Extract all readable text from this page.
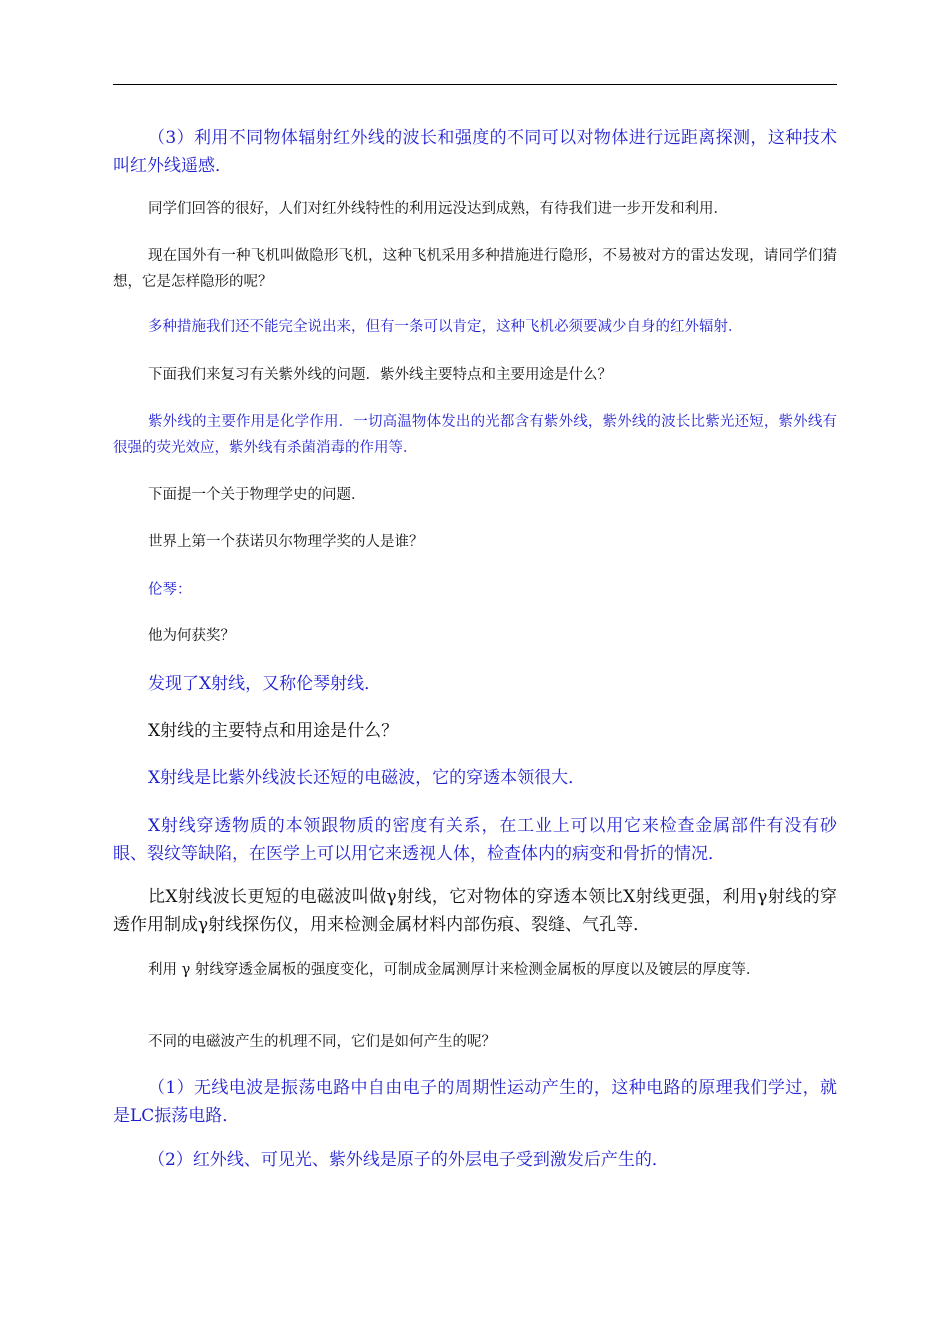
（3）利用不同物体辐射红外线的波长和强度的不同可以对物体进行远距离探测，这种技术叫红外线遥感．

同学们回答的很好，人们对红外线特性的利用远没达到成熟，有待我们进一步开发和利用．

现在国外有一种飞机叫做隐形飞机，这种飞机采用多种措施进行隐形，不易被对方的雷达发现，请同学们猜想，它是怎样隐形的呢？

多种措施我们还不能完全说出来，但有一条可以肯定，这种飞机必须要减少自身的红外辐射．

下面我们来复习有关紫外线的问题．紫外线主要特点和主要用途是什么？

紫外线的主要作用是化学作用．一切高温物体发出的光都含有紫外线，紫外线的波长比紫光还短，紫外线有很强的荧光效应，紫外线有杀菌消毒的作用等．

下面提一个关于物理学史的问题．

世界上第一个获诺贝尔物理学奖的人是谁？

伦琴：

他为何获奖？

发现了X射线，又称伦琴射线．

X射线的主要特点和用途是什么？

X射线是比紫外线波长还短的电磁波，它的穿透本领很大．

X射线穿透物质的本领跟物质的密度有关系，在工业上可以用它来检查金属部件有没有砂眼、裂纹等缺陷，在医学上可以用它来透视人体，检查体内的病变和骨折的情况．

比X射线波长更短的电磁波叫做γ射线，它对物体的穿透本领比X射线更强，利用γ射线的穿透作用制成γ射线探伤仪，用来检测金属材料内部伤痕、裂缝、气孔等．

利用 γ 射线穿透金属板的强度变化，可制成金属测厚计来检测金属板的厚度以及镀层的厚度等．

不同的电磁波产生的机理不同，它们是如何产生的呢？

（1）无线电波是振荡电路中自由电子的周期性运动产生的，这种电路的原理我们学过，就是LC振荡电路．

（2）红外线、可见光、紫外线是原子的外层电子受到激发后产生的．
